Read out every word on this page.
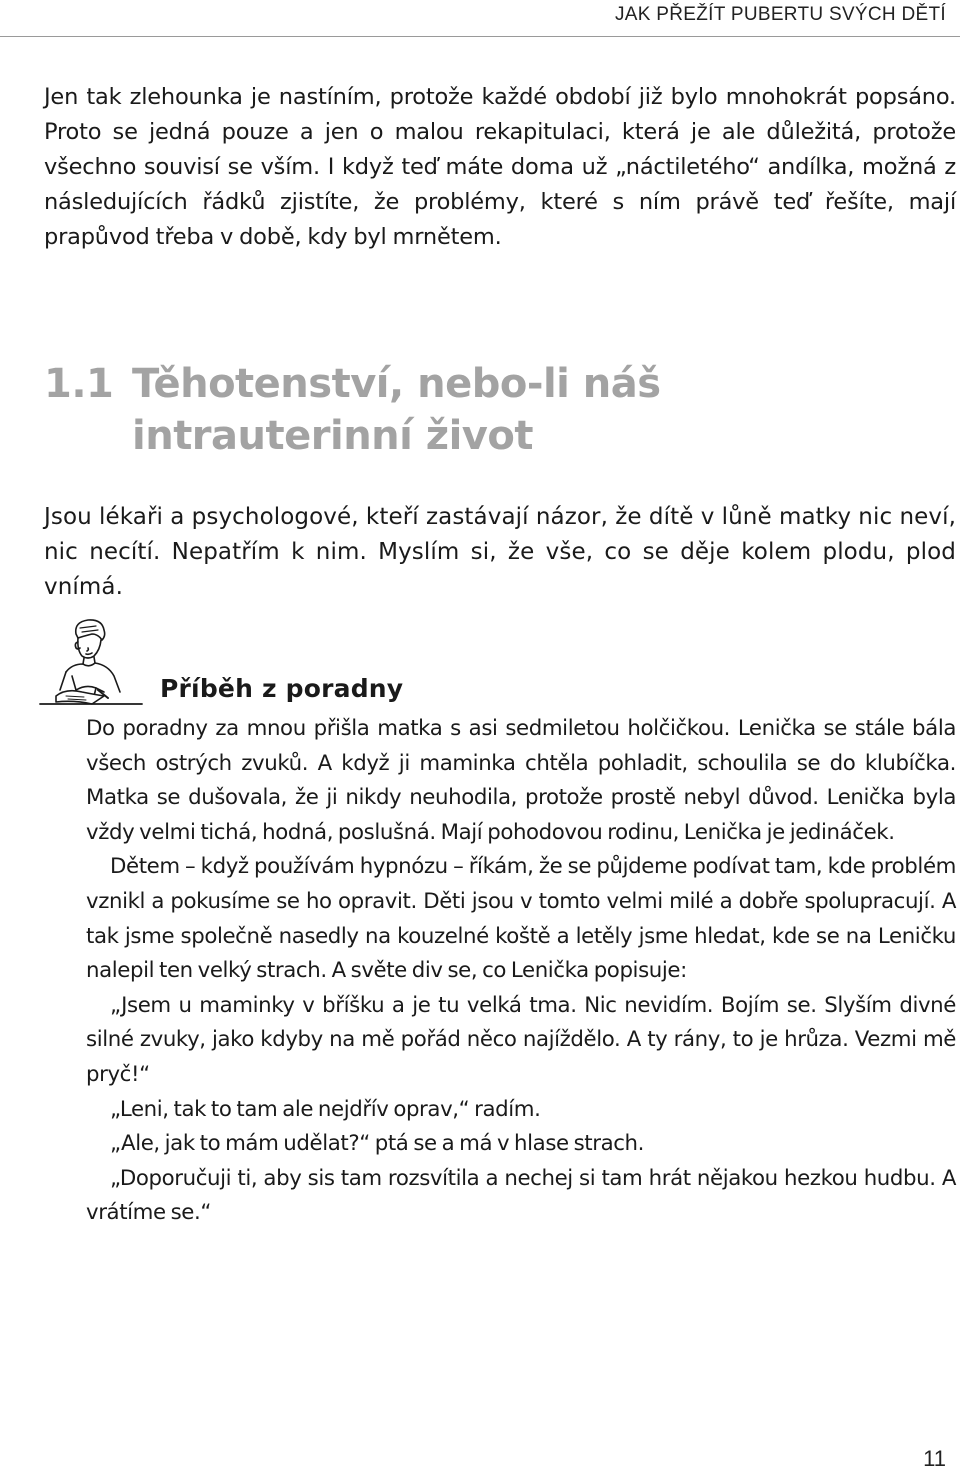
JAK PŘEŽÍT PUBERTU SVÝCH DĚTÍ

Jen tak zlehounka je nastíním, protože každé období již bylo mnohokrát popsáno. Proto se jedná pouze a jen o malou rekapitulaci, která je ale důležitá, protože všechno souvisí se vším. I když teď máte doma už „náctiletého“ andílka, možná z následujících řádků zjistíte, že problémy, které s ním právě teď řešíte, mají prapůvod třeba v době, kdy byl mrnětem.

1.1 Těhotenství, nebo-li náš intrauterinní život

Jsou lékaři a psychologové, kteří zastávají názor, že dítě v lůně matky nic neví, nic necítí. Nepatřím k nim. Myslím si, že vše, co se děje kolem plodu, plod vnímá.

Příběh z poradny

Do poradny za mnou přišla matka s asi sedmiletou holčičkou. Lenička se stále bála všech ostrých zvuků. A když ji maminka chtěla pohladit, schoulila se do klubíčka. Matka se dušovala, že ji nikdy neuhodila, protože prostě nebyl důvod. Lenička byla vždy velmi tichá, hodná, poslušná. Mají pohodovou rodinu, Lenička je jedináček.

Dětem – když používám hypnózu – říkám, že se půjdeme podívat tam, kde problém vznikl a pokusíme se ho opravit. Děti jsou v tomto velmi milé a dobře spolupracují. A tak jsme společně nasedly na kouzelné koště a letěly jsme hledat, kde se na Leničku nalepil ten velký strach. A světe div se, co Lenička popisuje:

„Jsem u maminky v bříšku a je tu velká tma. Nic nevidím. Bojím se. Slyším divné silné zvuky, jako kdyby na mě pořád něco najíždělo. A ty rány, to je hrůza. Vezmi mě pryč!“

„Leni, tak to tam ale nejdřív oprav,“ radím.

„Ale, jak to mám udělat?“ ptá se a má v hlase strach.

„Doporučuji ti, aby sis tam rozsvítila a nechej si tam hrát nějakou hezkou hudbu. A vrátíme se.“

11
